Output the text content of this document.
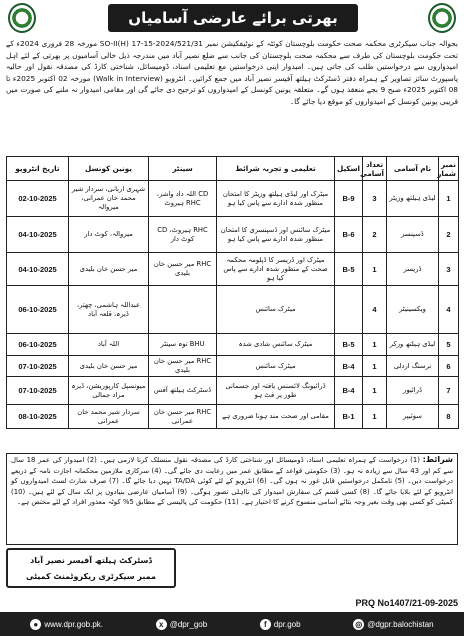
بھرتی برائے عارضی آسامیاں
بحوالہ جناب سیکرٹری محکمہ صحت حکومت بلوچستان کوئٹہ کے نوٹیفکیشن نمبر SO-II(H) 17-15-2024/521/31 مورخہ 28 فروری 2024ء کے تحت حکومت بلوچستان کی طرف سے محکمہ صحت بلوچستان کی جانب سے ضلع نصیر آباد میں مندرجہ ذیل خالی آسامیوں پر بھرتی کے لئے اہل امیدواروں سے درخواستیں طلب کی جاتی ہیں۔ امیدوار اپنی درخواستیں مع تعلیمی اسناد، ڈومیسائل، شناختی کارڈ کی مصدقہ نقول اور حالیہ پاسپورٹ سائز تصاویر کے ہمراہ دفتر ڈسٹرکٹ ہیلتھ آفیسر نصیر آباد میں جمع کرائیں۔ انٹرویو (Walk in Interview) مورخہ 02 اکتوبر 2025ء تا 08 اکتوبر 2025ء صبح 9 بجے منعقد ہوں گے۔ متعلقہ یونین کونسل کے امیدواروں کو ترجیح دی جائے گی اور مقامی امیدوار نہ ملنے کی صورت میں قریبی یونین کونسل کے امیدواروں کو موقع دیا جائے گا۔
نمبر شمار	نام آسامی	تعداد آسامی	اسکیل	تعلیمی و تجربہ شرائط	سینٹر	یونین کونسل	تاریخ انٹرویو
1	لیڈی ہیلتھ وزیٹر	3	B-9	میٹرک اور لیڈی ہیلتھ وزیٹر کا امتحان منظور شدہ ادارے سے پاس کیا ہو	CD اللہ داد واشر، RHC ہیروٹ	شہری اربانی، سردار شیر محمد خان عمرانی، میروالہ	02-10-2025
2	ڈسپنسر	2	B-6	میٹرک سائنس اور ڈسپنسری کا امتحان منظور شدہ ادارے سے پاس کیا ہو	RHC ہیروٹ، CD کوٹ دار	میروالہ، کوٹ دار	04-10-2025
3	ڈریسر	1	B-5	میٹرک اور ڈریسر کا ڈپلومہ محکمہ صحت کے منظور شدہ ادارے سے پاس کیا ہو	RHC میر حسن خان بلیدی	میر حسن خان بلیدی	04-10-2025
4	ویکسینیٹر	4		میٹرک سائنس		عبداللہ ہاشمی، چھتر، ڈیرہ، قلعہ آباد	06-10-2025
5	لیڈی ہیلتھ ورکر	1	B-5	میٹرک سائنس شادی شدہ	BHU توہ سینٹر	اللہ آباد	06-10-2025
6	نرسنگ اردلی	1	B-4	میٹرک سائنس	RHC میر حسن خان بلیدی	میر حسن خان بلیدی	07-10-2025
7	ڈرائیور	1	B-4	ڈرائیونگ لائسنس یافتہ اور جسمانی طور پر فٹ ہو	ڈسٹرکٹ ہیلتھ آفس	میونسپل کارپوریشن، ڈیرہ مراد جمالی	07-10-2025
8	سوئیپر	1	B-1	مقامی اور صحت مند ہونا ضروری ہے	RHC میر حسن خان عمرانی	سردار شیر محمد خان عمرانی	08-10-2025
شرائط: (1) درخواست کے ہمراہ تعلیمی اسناد، ڈومیسائل اور شناختی کارڈ کی مصدقہ نقول منسلک کرنا لازمی ہیں۔ (2) امیدوار کی عمر 18 سال سے کم اور 43 سال سے زیادہ نہ ہو۔ (3) حکومتی قواعد کے مطابق عمر میں رعایت دی جائے گی۔ (4) سرکاری ملازمین محکمانہ اجازت نامہ کے ذریعے درخواست دیں۔ (5) نامکمل درخواستیں قابل غور نہ ہوں گی۔ (6) انٹرویو کے لئے کوئی TA/DA نہیں دیا جائے گا۔ (7) صرف شارٹ لسٹ امیدواروں کو انٹرویو کے لئے بلایا جائے گا۔ (8) کسی قسم کی سفارش امیدوار کی نااہلی تصور ہوگی۔ (9) آسامیاں عارضی بنیادوں پر ایک سال کے لئے ہیں۔ (10) کمیٹی کو کسی بھی وقت بغیر وجہ بتائے آسامی منسوخ کرنے کا اختیار ہے۔ (11) حکومت کی پالیسی کے مطابق 5% کوٹہ معذور افراد کے لئے مختص ہے۔
ڈسٹرکٹ ہیلتھ آفیسر نصیر آباد
ممبر سیکرٹری ریکروٹمنٹ کمیٹی
PRQ No1407/21-09-2025
● www.dpr.gob.pk.	x @dpr_gob	f dpr.gob	◎ @dgpr.balochistan
